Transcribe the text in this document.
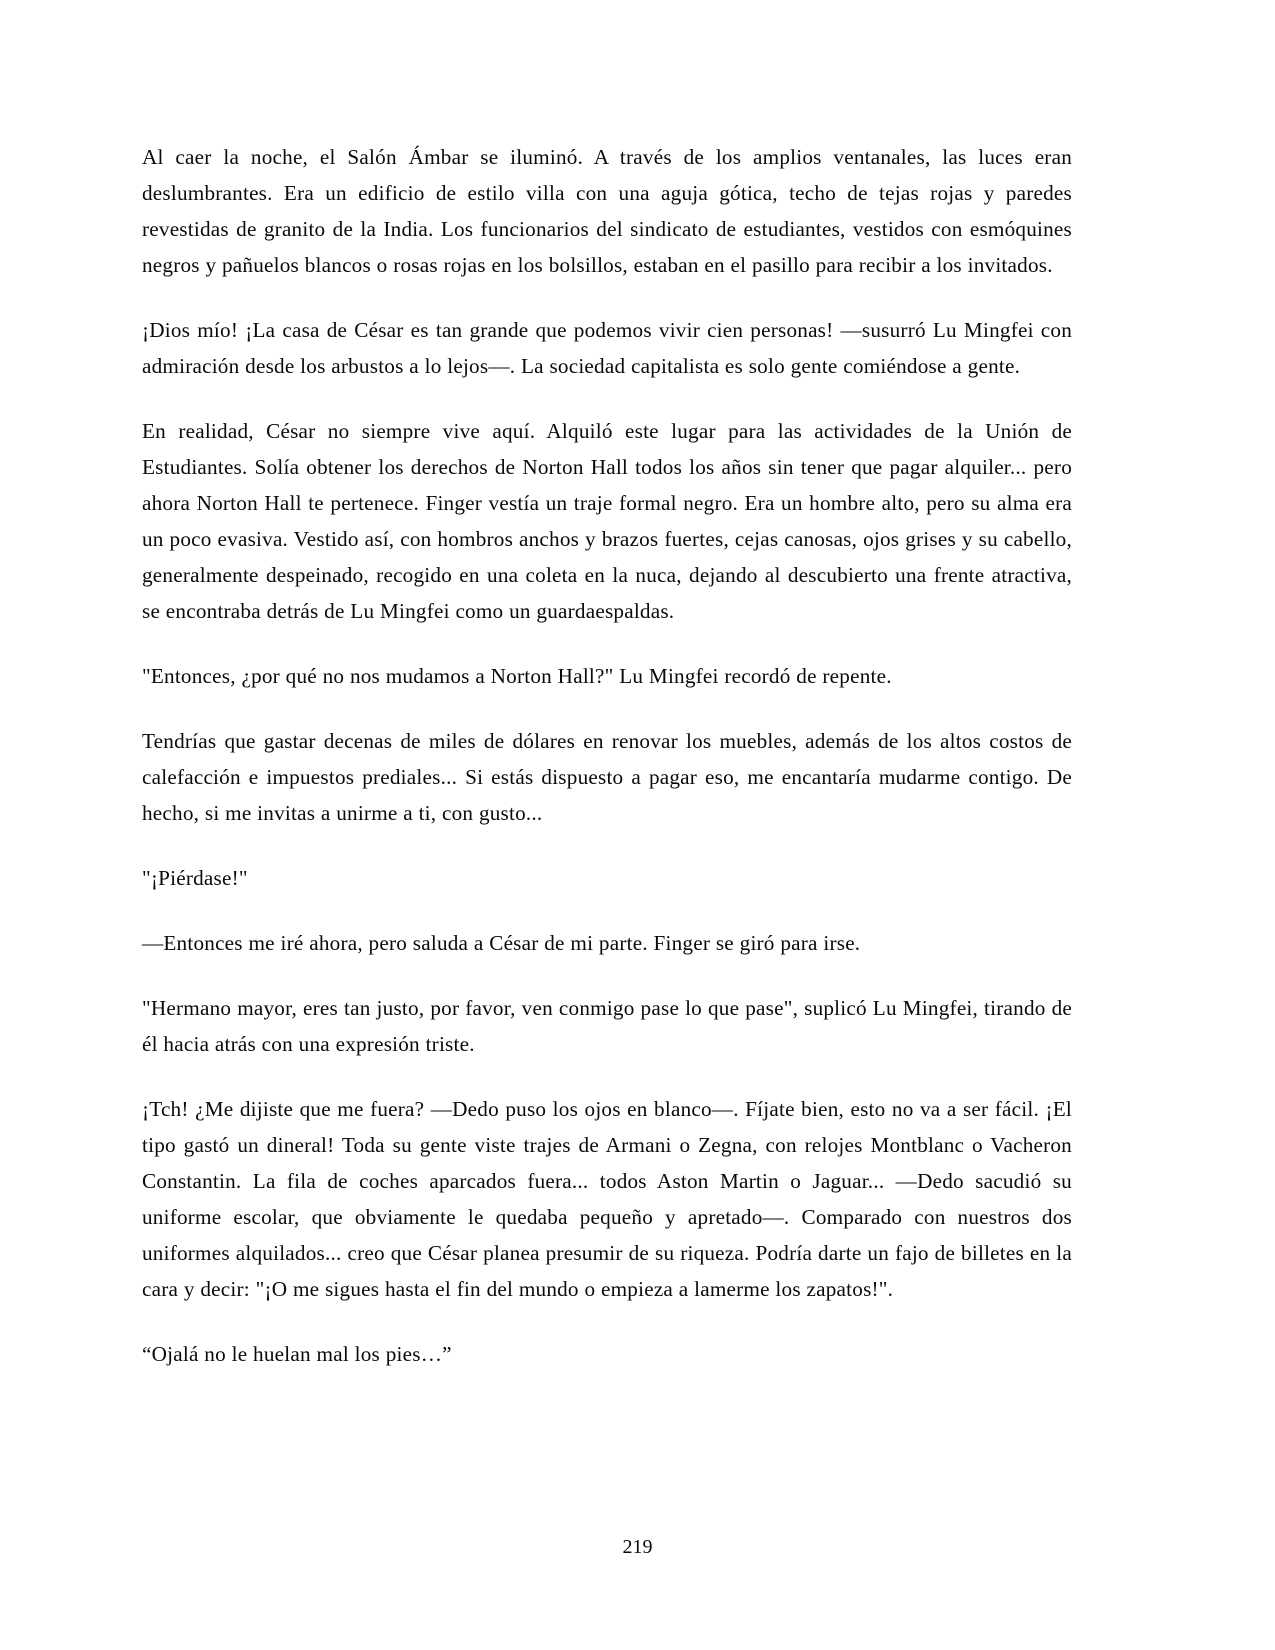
Al caer la noche, el Salón Ámbar se iluminó. A través de los amplios ventanales, las luces eran deslumbrantes. Era un edificio de estilo villa con una aguja gótica, techo de tejas rojas y paredes revestidas de granito de la India. Los funcionarios del sindicato de estudiantes, vestidos con esmóquines negros y pañuelos blancos o rosas rojas en los bolsillos, estaban en el pasillo para recibir a los invitados.

¡Dios mío! ¡La casa de César es tan grande que podemos vivir cien personas! —susurró Lu Mingfei con admiración desde los arbustos a lo lejos—. La sociedad capitalista es solo gente comiéndose a gente.

En realidad, César no siempre vive aquí. Alquiló este lugar para las actividades de la Unión de Estudiantes. Solía obtener los derechos de Norton Hall todos los años sin tener que pagar alquiler... pero ahora Norton Hall te pertenece. Finger vestía un traje formal negro. Era un hombre alto, pero su alma era un poco evasiva. Vestido así, con hombros anchos y brazos fuertes, cejas canosas, ojos grises y su cabello, generalmente despeinado, recogido en una coleta en la nuca, dejando al descubierto una frente atractiva, se encontraba detrás de Lu Mingfei como un guardaespaldas.

"Entonces, ¿por qué no nos mudamos a Norton Hall?" Lu Mingfei recordó de repente.

Tendrías que gastar decenas de miles de dólares en renovar los muebles, además de los altos costos de calefacción e impuestos prediales... Si estás dispuesto a pagar eso, me encantaría mudarme contigo. De hecho, si me invitas a unirme a ti, con gusto...

"¡Piérdase!"

—Entonces me iré ahora, pero saluda a César de mi parte. Finger se giró para irse.

"Hermano mayor, eres tan justo, por favor, ven conmigo pase lo que pase", suplicó Lu Mingfei, tirando de él hacia atrás con una expresión triste.

¡Tch! ¿Me dijiste que me fuera? —Dedo puso los ojos en blanco—. Fíjate bien, esto no va a ser fácil. ¡El tipo gastó un dineral! Toda su gente viste trajes de Armani o Zegna, con relojes Montblanc o Vacheron Constantin. La fila de coches aparcados fuera... todos Aston Martin o Jaguar... —Dedo sacudió su uniforme escolar, que obviamente le quedaba pequeño y apretado—. Comparado con nuestros dos uniformes alquilados... creo que César planea presumir de su riqueza. Podría darte un fajo de billetes en la cara y decir: "¡O me sigues hasta el fin del mundo o empieza a lamerme los zapatos!".

“Ojalá no le huelan mal los pies…”

219
